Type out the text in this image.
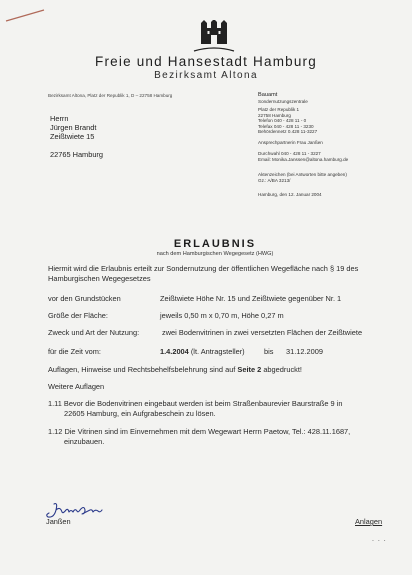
Freie und Hansestadt Hamburg
Bezirksamt Altona
Bezirksamt Altona, Platz der Republik 1, D – 22758 Hamburg
Herrn
Jürgen Brandt
Zeißtwiete 15
22765 Hamburg
Bauamt
Sondernutzungszentrale
Platz der Republik 1
22758 Hamburg
Telefon 040 - 428 11 - 0
Telefax 040 - 428 11 - 3230
Behördennetz 0.428 11-3227
Ansprechpartnerin Frau Janßen
Durchwahl 040 - 428 11 - 3227
Email: Monika.Janssen@altona.hamburg.de
Aktenzeichen (bei Antworten bitte angeben)
Gz.: A/BA 3213/
Hamburg, den 12. Januar 2004
ERLAUBNIS
nach dem Hamburgischen Wegegesetz (HWG)
Hiermit wird die Erlaubnis erteilt zur Sondernutzung der öffentlichen Wegefläche nach § 19 des
Hamburgischen Wegegesetzes
vor den Grundstücken	Zeißtwiete Höhe Nr. 15 und Zeißtwiete gegenüber Nr. 1
Größe der Fläche:	jeweils 0,50 m x 0,70 m, Höhe 0,27 m
Zweck und Art der Nutzung:	zwei Bodenvitrinen in zwei versetzten Flächen der Zeißtwiete
für die Zeit vom:	1.4.2004 (lt. Antragsteller)	bis 31.12.2009
Auflagen, Hinweise und Rechtsbehelfsbelehrung sind auf Seite 2 abgedruckt!
Weitere Auflagen
1.11 Bevor die Bodenvitrinen eingebaut werden ist beim Straßenbaurevier Baurstraße 9 in
22605 Hamburg, ein Aufgrabeschein zu lösen.
1.12 Die Vitrinen sind im Einvernehmen mit dem Wegewart Herrn Paetow, Tel.: 428.11.1687,
einzubauen.
Janßen	Anlagen
. . .
